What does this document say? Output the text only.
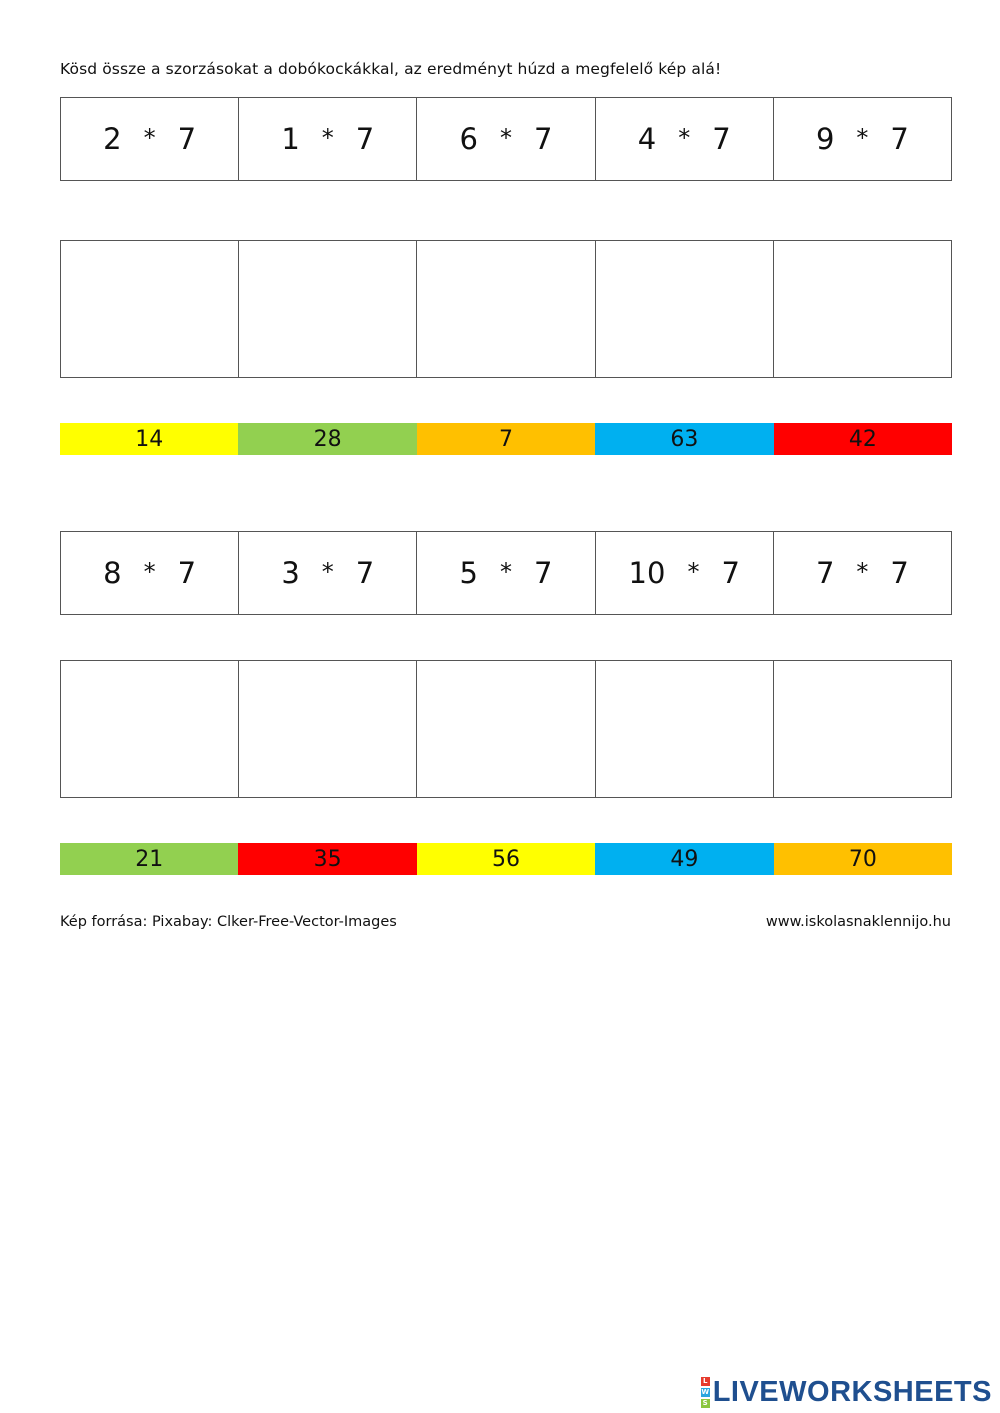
Kösd össze a szorzásokat a dobókockákkal, az eredményt húzd a megfelelő kép alá!
2 * 7	1 * 7	6 * 7	4 * 7	9 * 7
14	28	7	63	42
8 * 7	3 * 7	5 * 7	10 * 7	7 * 7
21	35	56	49	70
Kép forrása: Pixabay: Clker-Free-Vector-Images	www.iskolasnaklennijo.hu
L
W
S LIVEWORKSHEETS
